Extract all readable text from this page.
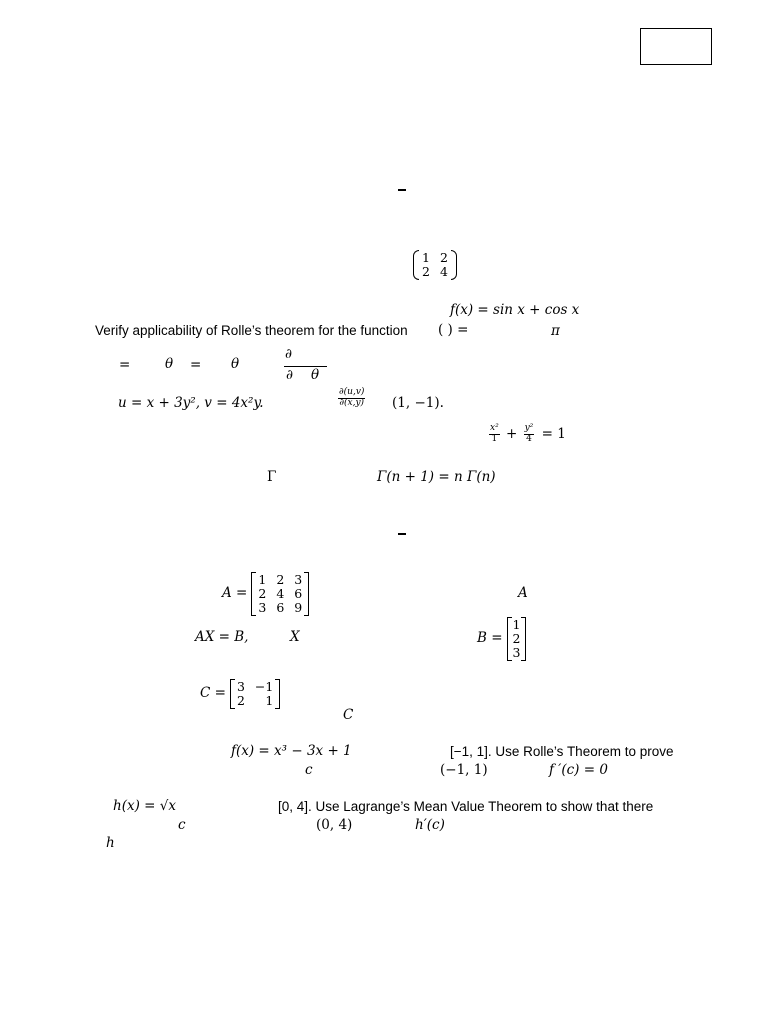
1 2
2 4
f(x) = sin x + cos x
Verify applicability of Rolle’s theorem for the function ( ) =	π
=	θ = θ
∂
∂ θ
u = x + 3y², v = 4x²y.	$\frac{\partial(u,v)}{\partial(x,y)} (1$, −1).
$\frac{\text{x²}}{1} + \frac{\text{y²}}{4} = 1$
Γ	Γ(n + 1) = n Γ(n)
A =
1 2 3
2 4 6
3 6 9
A
AX = B,	X	B =
1
2
3
C = 3 −1
2	1
C
f(x) = x³ − 3x + 1	[−1, 1]. Use Rolle’s Theorem to prove
c	(−1, 1)	f ′(c) = 0
h(x) = √x	[0, 4]. Use Lagrange’s Mean Value Theorem to show that there
c	(0, 4)	h′(c)
h
